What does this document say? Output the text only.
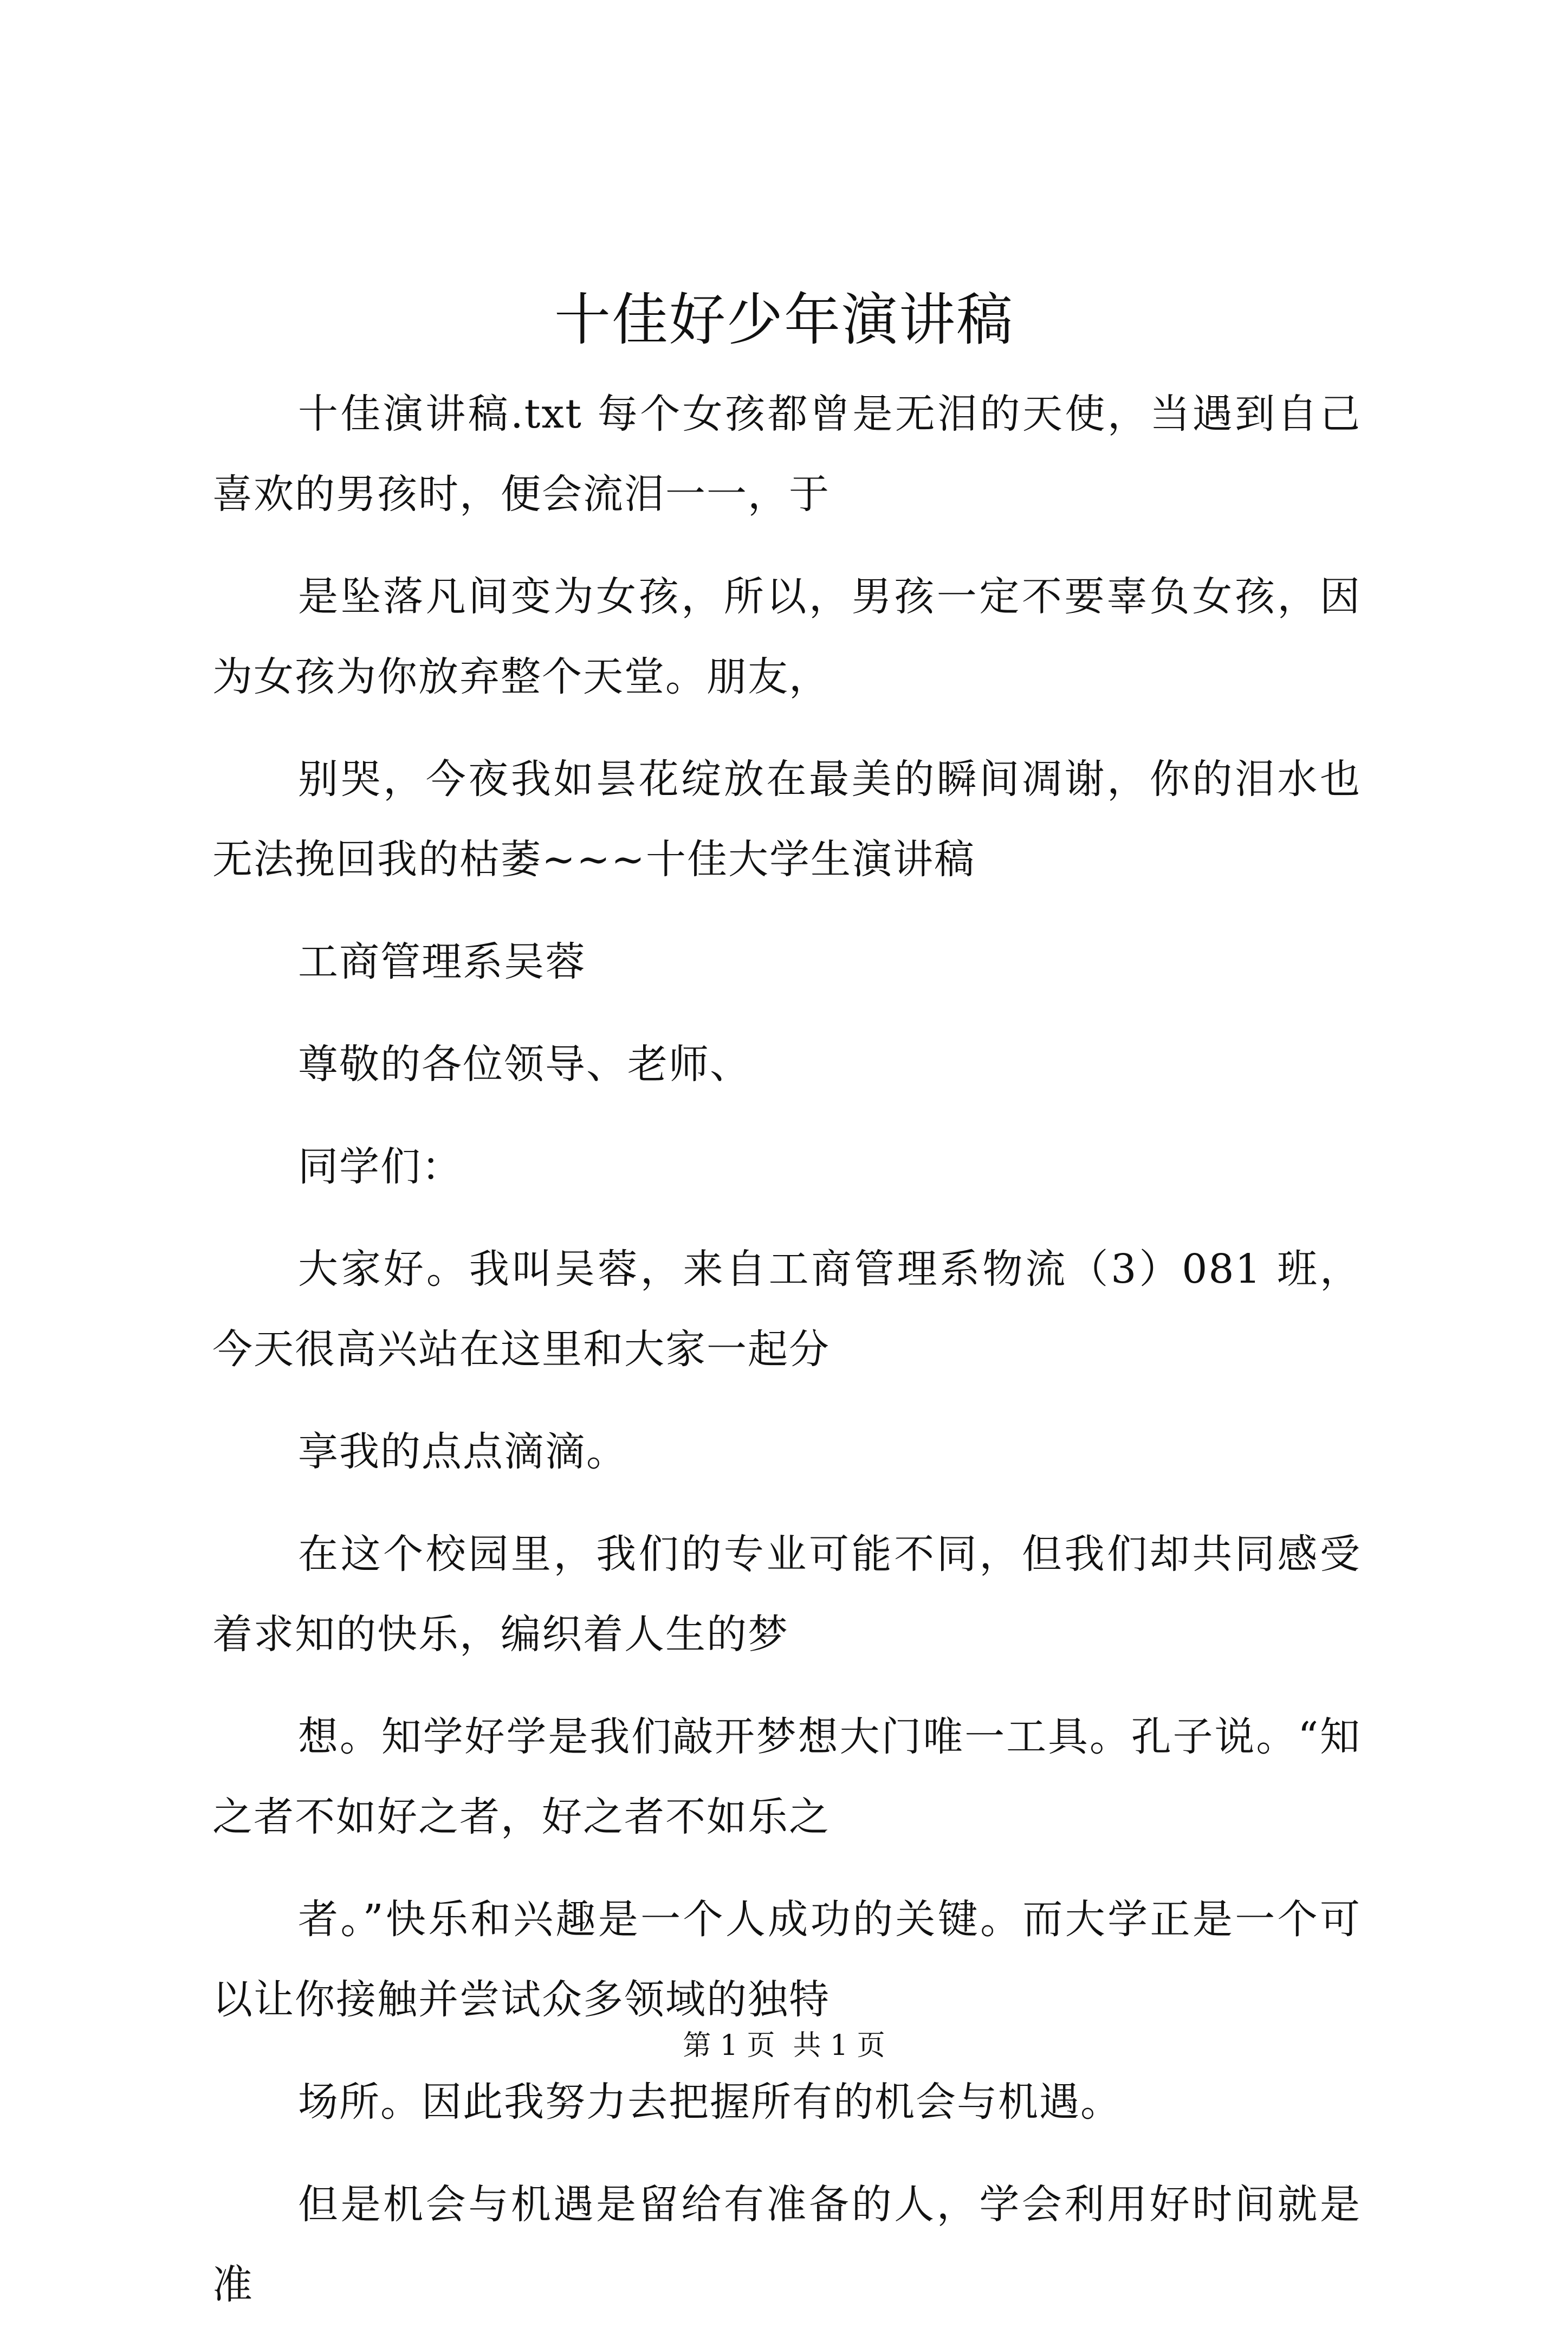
十佳好少年演讲稿

十佳演讲稿.txt 每个女孩都曾是无泪的天使，当遇到自己喜欢的男孩时，便会流泪一一，于

是坠落凡间变为女孩，所以，男孩一定不要辜负女孩，因为女孩为你放弃整个天堂。朋友，

别哭，今夜我如昙花绽放在最美的瞬间凋谢，你的泪水也无法挽回我的枯萎~~~十佳大学生演讲稿

工商管理系吴蓉

尊敬的各位领导、老师、

同学们：

大家好。我叫吴蓉，来自工商管理系物流（3）081 班，今天很高兴站在这里和大家一起分

享我的点点滴滴。

在这个校园里，我们的专业可能不同，但我们却共同感受着求知的快乐，编织着人生的梦

想。知学好学是我们敲开梦想大门唯一工具。孔子说。“知之者不如好之者，好之者不如乐之

者。”快乐和兴趣是一个人成功的关键。而大学正是一个可以让你接触并尝试众多领域的独特

场所。因此我努力去把握所有的机会与机遇。

但是机会与机遇是留给有准备的人，学会利用好时间就是准

第 1 页  共 1 页
